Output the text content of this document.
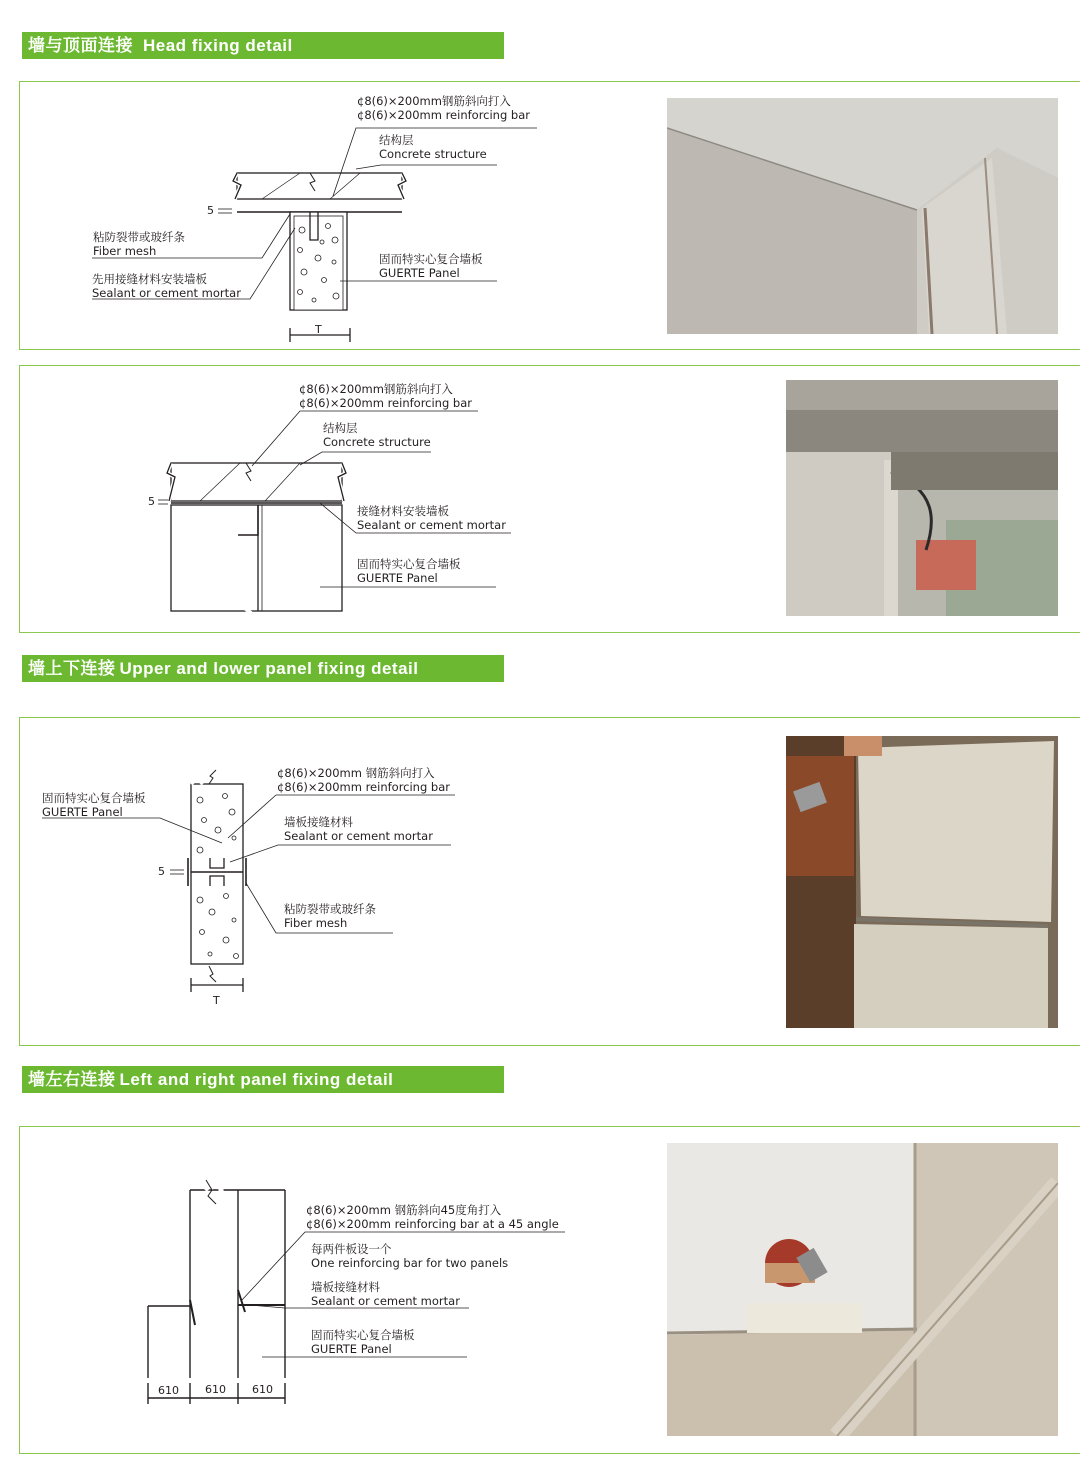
墙与顶面连接 Head fixing detail
¢8(6)×200mm钢筋斜向打入
¢8(6)×200mm reinforcing bar
结构层
Concrete structure
粘防裂带或玻纤条
Fiber mesh
先用接缝材料安装墙板
Sealant or cement mortar
固而特实心复合墙板
GUERTE Panel
5
T
¢8(6)×200mm钢筋斜向打入
¢8(6)×200mm reinforcing bar
结构层
Concrete structure
接缝材料安装墙板
Sealant or cement mortar
固而特实心复合墙板
GUERTE Panel
5
墙上下连接 Upper and lower panel fixing detail
¢8(6)×200mm 钢筋斜向打入
¢8(6)×200mm reinforcing bar
固而特实心复合墙板
GUERTE Panel
墙板接缝材料
Sealant or cement mortar
粘防裂带或玻纤条
Fiber mesh
5
T
墙左右连接 Left and right panel fixing detail
¢8(6)×200mm 钢筋斜向45度角打入
¢8(6)×200mm reinforcing bar at a 45 angle
每两件板设一个
One reinforcing bar for two panels
墙板接缝材料
Sealant or cement mortar
固而特实心复合墙板
GUERTE Panel
610 610 610
